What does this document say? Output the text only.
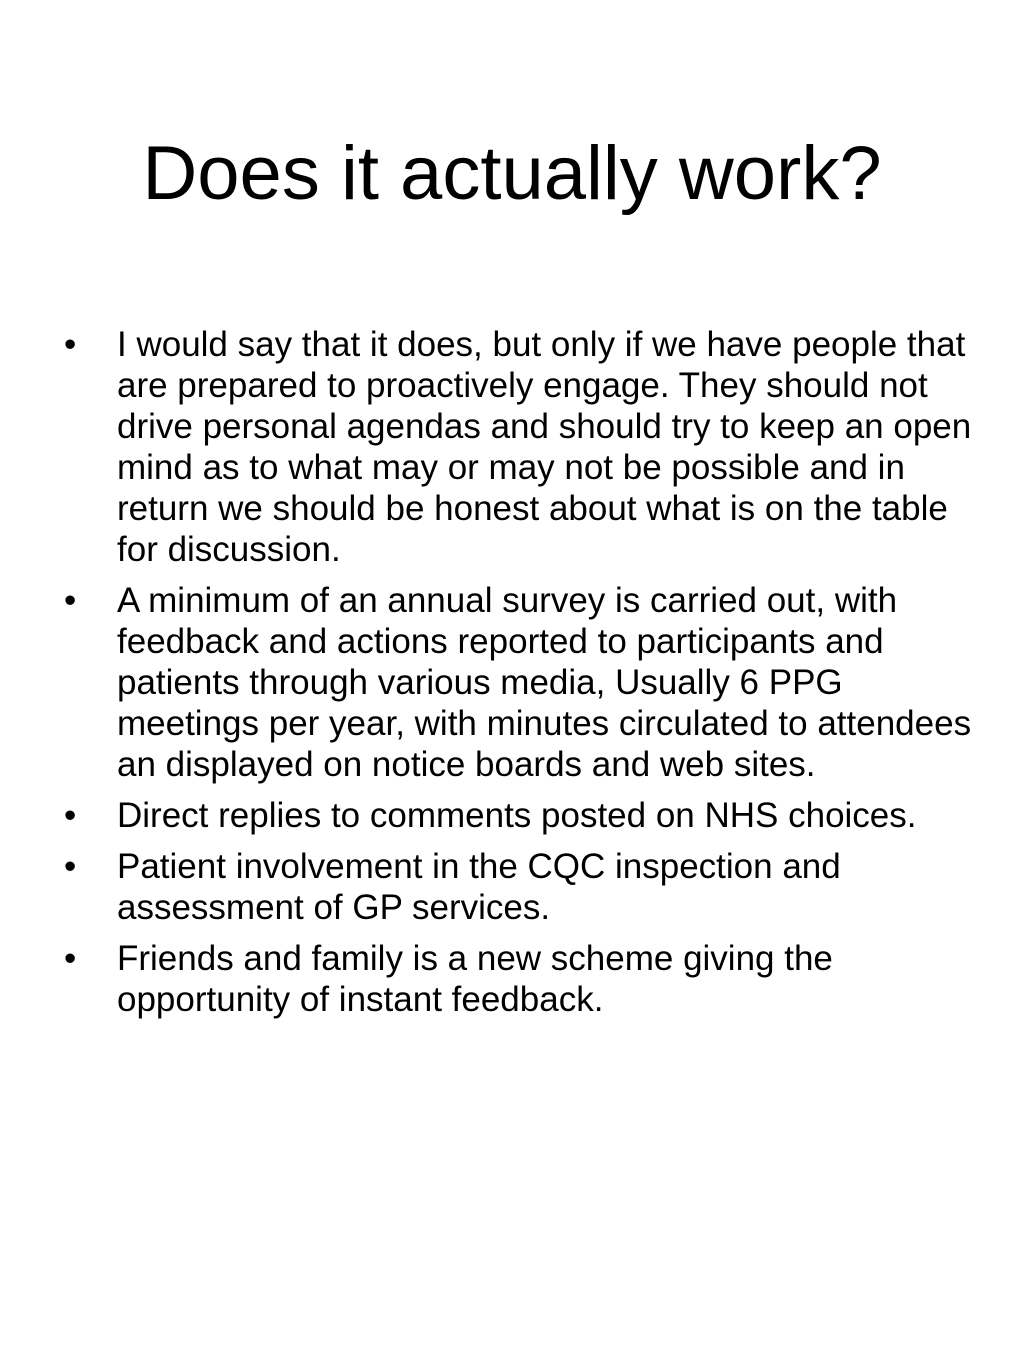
Does it actually work?
• I would say that it does, but only if we have people that are prepared to proactively engage. They should not drive personal agendas and should try to keep an open mind as to what may or may not be possible and in return we should be honest about what is on the table for discussion.
• A minimum of an annual survey is carried out, with feedback and actions reported to participants and patients through various media, Usually 6 PPG meetings per year, with minutes circulated to attendees an displayed on notice boards and web sites.
• Direct replies to comments posted on NHS choices.
• Patient involvement in the CQC inspection and assessment of GP services.
• Friends and family is a new scheme giving the opportunity of instant feedback.
